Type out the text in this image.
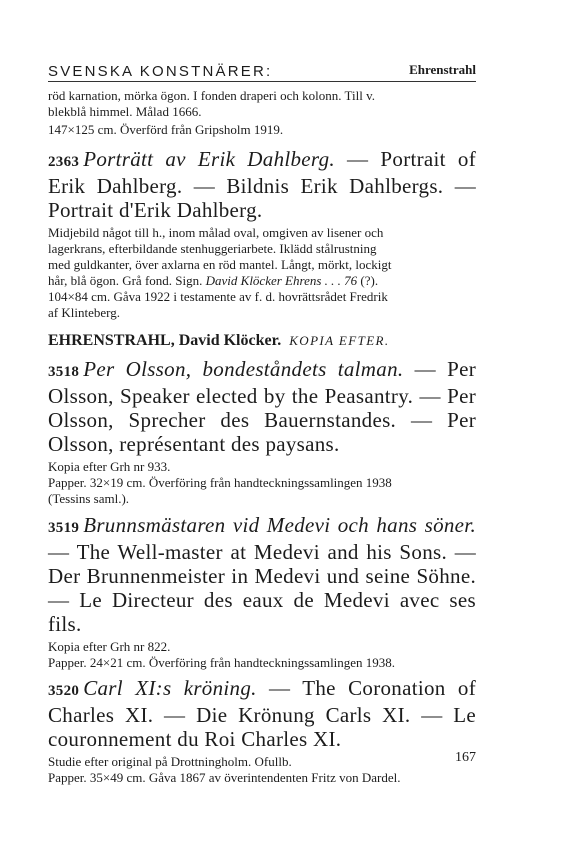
SVENSKA KONSTNÄRER:	Ehrenstrahl
röd karnation, mörka ögon. I fonden draperi och kolonn. Till v.
blekblå himmel. Målad 1666.
147×125 cm. Överförd från Gripsholm 1919.

2363 Porträtt av Erik Dahlberg. — Portrait of Erik Dahlberg. — Bildnis Erik Dahlbergs. — Portrait d'Erik Dahlberg.

Midjebild något till h., inom målad oval, omgiven av lisener och
lagerkrans, efterbildande stenhuggeriarbete. Iklädd stålrustning
med guldkanter, över axlarna en röd mantel. Långt, mörkt, lockigt
hår, blå ögon. Grå fond. Sign. David Klöcker Ehrens . . . 76 (?).
104×84 cm. Gåva 1922 i testamente av f. d. hovrättsrådet Fredrik
af Klinteberg.
EHRENSTRAHL, David Klöcker. KOPIA EFTER.

3518 Per Olsson, bondeståndets talman. — Per Olsson, Speaker elected by the Peasantry. — Per Olsson, Sprecher des Bauernstandes. — Per Olsson, représentant des paysans.

Kopia efter Grh nr 933.
Papper. 32×19 cm. Överföring från handteckningssamlingen 1938
(Tessins saml.).

3519 Brunnsmästaren vid Medevi och hans söner. — The Well-master at Medevi and his Sons. — Der Brunnenmeister in Medevi und seine Söhne. — Le Directeur des eaux de Medevi avec ses fils.

Kopia efter Grh nr 822.
Papper. 24×21 cm. Överföring från handteckningssamlingen 1938.

3520 Carl XI:s kröning. — The Coronation of Charles XI. — Die Krönung Carls XI. — Le couronnement du Roi Charles XI.

Studie efter original på Drottningholm. Ofullb.
Papper. 35×49 cm. Gåva 1867 av överintendenten Fritz von Dardel.
167
